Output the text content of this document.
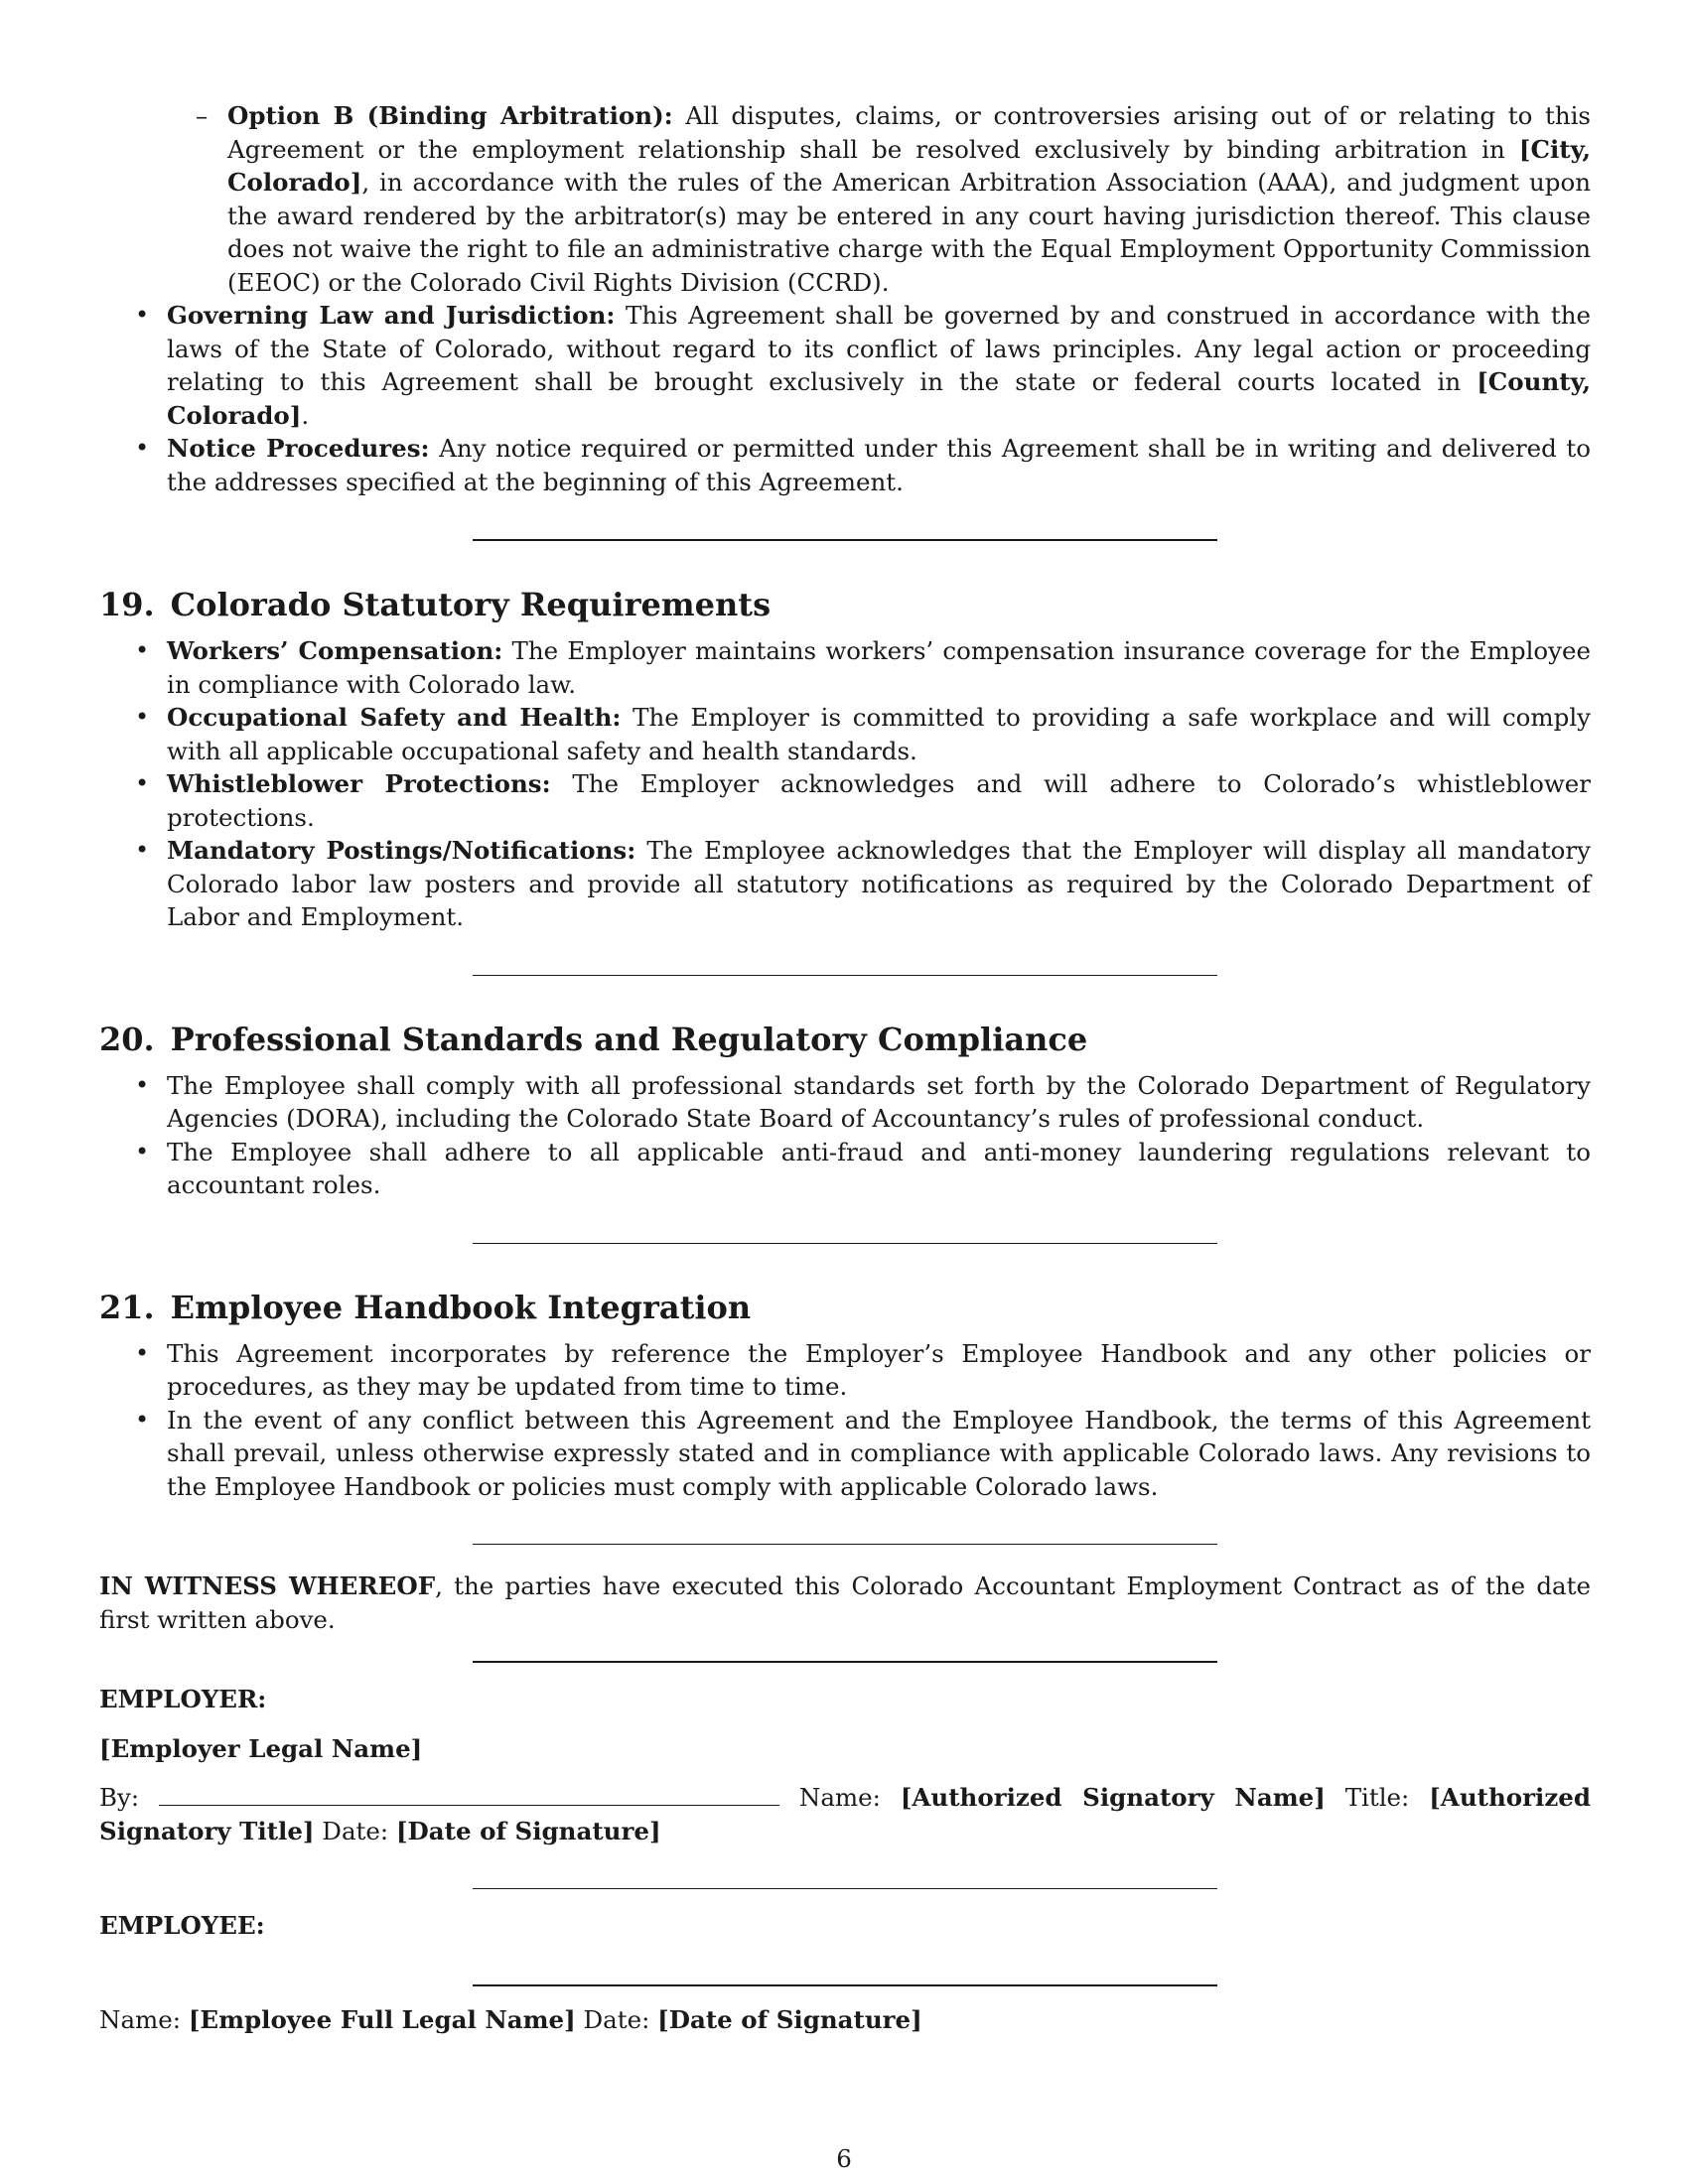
– Option B (Binding Arbitration): All disputes, claims, or controversies arising out of or relating to this Agreement or the employment relationship shall be resolved exclusively by binding arbitration in [City, Colorado], in accordance with the rules of the American Arbitration Association (AAA), and judgment upon the award rendered by the arbitrator(s) may be entered in any court having jurisdiction thereof. This clause does not waive the right to file an administrative charge with the Equal Employment Opportunity Commission (EEOC) or the Colorado Civil Rights Division (CCRD).
• Governing Law and Jurisdiction: This Agreement shall be governed by and construed in accordance with the laws of the State of Colorado, without regard to its conflict of laws principles. Any legal action or proceeding relating to this Agreement shall be brought exclusively in the state or federal courts located in [County, Colorado].
• Notice Procedures: Any notice required or permitted under this Agreement shall be in writing and delivered to the addresses specified at the beginning of this Agreement.
19. Colorado Statutory Requirements
• Workers’ Compensation: The Employer maintains workers’ compensation insurance coverage for the Employee in compliance with Colorado law.
• Occupational Safety and Health: The Employer is committed to providing a safe workplace and will comply with all applicable occupational safety and health standards.
• Whistleblower Protections: The Employer acknowledges and will adhere to Colorado’s whistleblower protections.
• Mandatory Postings/Notifications: The Employee acknowledges that the Employer will display all mandatory Colorado labor law posters and provide all statutory notifications as required by the Colorado Department of Labor and Employment.
20. Professional Standards and Regulatory Compliance
• The Employee shall comply with all professional standards set forth by the Colorado Department of Regulatory Agencies (DORA), including the Colorado State Board of Accountancy’s rules of professional conduct.
• The Employee shall adhere to all applicable anti-fraud and anti-money laundering regulations relevant to accountant roles.
21. Employee Handbook Integration
• This Agreement incorporates by reference the Employer’s Employee Handbook and any other policies or procedures, as they may be updated from time to time.
• In the event of any conflict between this Agreement and the Employee Handbook, the terms of this Agreement shall prevail, unless otherwise expressly stated and in compliance with applicable Colorado laws. Any revisions to the Employee Handbook or policies must comply with applicable Colorado laws.

IN WITNESS WHEREOF, the parties have executed this Colorado Accountant Employment Contract as of the date first written above.

EMPLOYER:

[Employer Legal Name]

By:	Name: [Authorized Signatory Name] Title: [Authorized Signatory Title] Date: [Date of Signature]

EMPLOYEE:

Name: [Employee Full Legal Name] Date: [Date of Signature]

6
